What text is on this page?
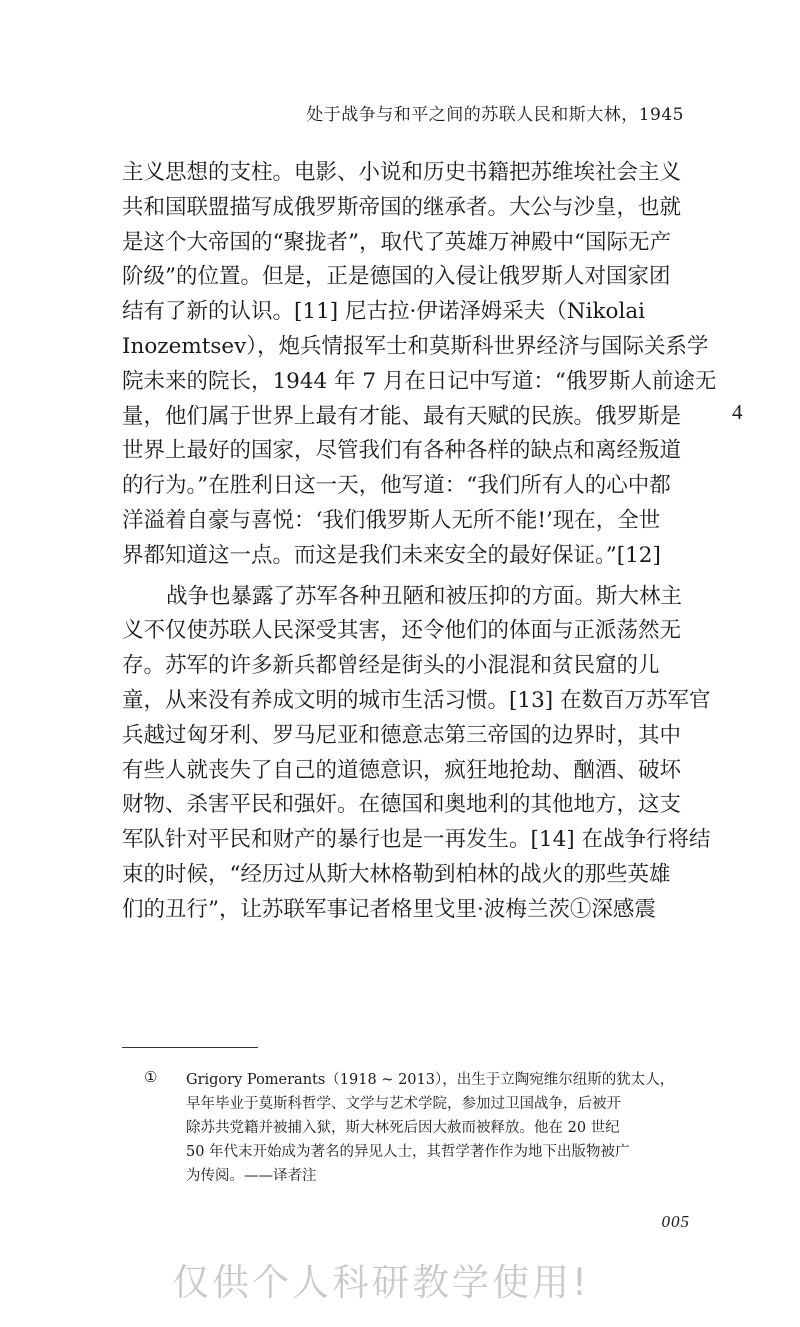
处于战争与和平之间的苏联人民和斯大林，1945
主义思想的支柱。电影、小说和历史书籍把苏维埃社会主义
共和国联盟描写成俄罗斯帝国的继承者。大公与沙皇，也就
是这个大帝国的“聚拢者”，取代了英雄万神殿中“国际无产
阶级”的位置。但是，正是德国的入侵让俄罗斯人对国家团
结有了新的认识。[11] 尼古拉·伊诺泽姆采夫（Nikolai
Inozemtsev），炮兵情报军士和莫斯科世界经济与国际关系学
院未来的院长，1944 年 7 月在日记中写道：“俄罗斯人前途无
量，他们属于世界上最有才能、最有天赋的民族。俄罗斯是
世界上最好的国家，尽管我们有各种各样的缺点和离经叛道
的行为。”在胜利日这一天，他写道：“我们所有人的心中都
洋溢着自豪与喜悦：‘我们俄罗斯人无所不能!’现在，全世
界都知道这一点。而这是我们未来安全的最好保证。”[12]
战争也暴露了苏军各种丑陋和被压抑的方面。斯大林主
义不仅使苏联人民深受其害，还令他们的体面与正派荡然无
存。苏军的许多新兵都曾经是街头的小混混和贫民窟的儿
童，从来没有养成文明的城市生活习惯。[13] 在数百万苏军官
兵越过匈牙利、罗马尼亚和德意志第三帝国的边界时，其中
有些人就丧失了自己的道德意识，疯狂地抢劫、酗酒、破坏
财物、杀害平民和强奸。在德国和奥地利的其他地方，这支
军队针对平民和财产的暴行也是一再发生。[14] 在战争行将结
束的时候，“经历过从斯大林格勒到柏林的战火的那些英雄
们的丑行”，让苏联军事记者格里戈里·波梅兰茨①深感震
4
①	Grigory Pomerants（1918 ~ 2013），出生于立陶宛维尔纽斯的犹太人，
早年毕业于莫斯科哲学、文学与艺术学院，参加过卫国战争，后被开
除苏共党籍并被捕入狱，斯大林死后因大赦而被释放。他在 20 世纪
50 年代末开始成为著名的异见人士，其哲学著作作为地下出版物被广
为传阅。——译者注
005
仅供个人科研教学使用!
